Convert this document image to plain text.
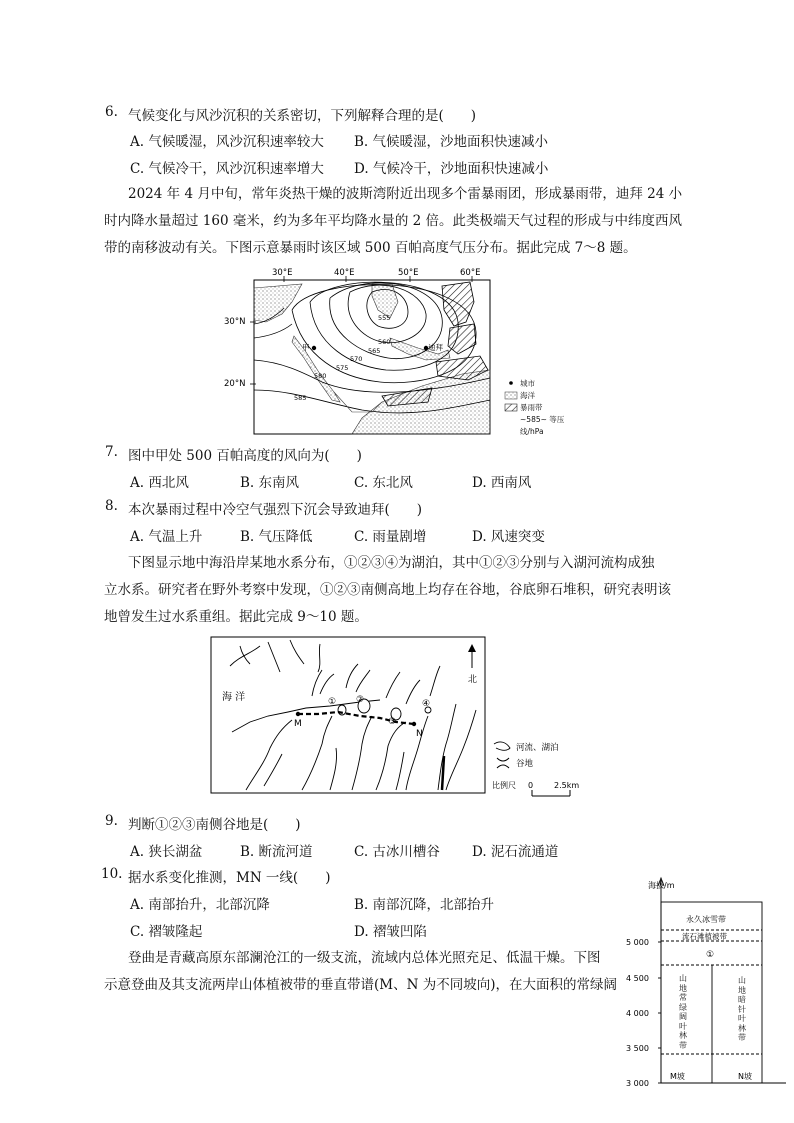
6. 气候变化与风沙沉积的关系密切，下列解释合理的是(　　)
A. 气候暖湿，风沙沉积速率较大 B. 气候暖湿，沙地面积快速减小
C. 气候冷干，风沙沉积速率增大 D. 气候冷干，沙地面积快速减小
2024 年 4 月中旬，常年炎热干燥的波斯湾附近出现多个雷暴雨团，形成暴雨带，迪拜 24 小
时内降水量超过 160 毫米，约为多年平均降水量的 2 倍。此类极端天气过程的形成与中纬度西风
带的南移波动有关。下图示意暴雨时该区域 500 百帕高度气压分布。据此完成 7～8 题。
30°E	40°E	50°E	60°E
30°N
20°N
555
560
565
570
575
580
585
甲	迪拜
城市
海洋
暴雨带
~585~ 等压线/hPa
7. 图中甲处 500 百帕高度的风向为(　　)
A. 西北风	B. 东南风	C. 东北风	D. 西南风
8. 本次暴雨过程中冷空气强烈下沉会导致迪拜(　　)
A. 气温上升	B. 气压降低	C. 雨量剧增	D. 风速突变
下图显示地中海沿岸某地水系分布，①②③④为湖泊，其中①②③分别与入湖河流构成独
立水系。研究者在野外考察中发现，①②③南侧高地上均存在谷地，谷底卵石堆积，研究表明该
地曾发生过水系重组。据此完成 9～10 题。
海 洋
北
M
N
① ②
③
④
河流、湖泊
谷地
比例尺 0	2.5km
9. 判断①②③南侧谷地是(　　)
A. 狭长湖盆	B. 断流河道	C. 古冰川槽谷 D. 泥石流通道
10. 据水系变化推测，MN 一线(　　)
A. 南部抬升，北部沉降	B. 南部沉降，北部抬升
C. 褶皱隆起	D. 褶皱凹陷
登曲是青藏高原东部澜沧江的一级支流，流域内总体光照充足、低温干燥。下图
示意登曲及其支流两岸山体植被带的垂直带谱(M、N 为不同坡向)，在大面积的常绿阔
海拔/m
5 000
4 500
4 000
3 500
3 000
永久冰雪带
流石滩植被带
①
M坡	N坡
山地常绿阔叶林带
山地暗针叶林带
